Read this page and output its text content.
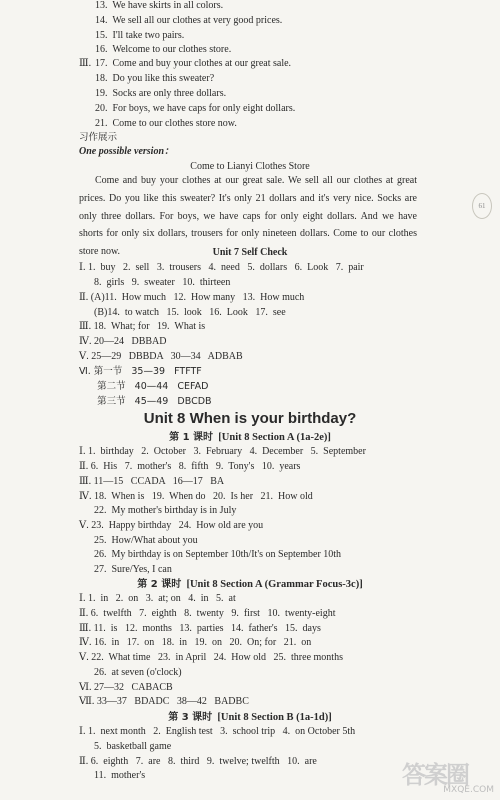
13.  We have skirts in all colors.
14.  We sell all our clothes at very good prices.
15.  I'll take two pairs.
16.  Welcome to our clothes store.
Ⅲ. 17.  Come and buy your clothes at our great sale.
18.  Do you like this sweater?
19.  Socks are only three dollars.
20.  For boys, we have caps for only eight dollars.
21.  Come to our clothes store now.
习作展示
One possible version：
Come to Lianyi Clothes Store
Come and buy your clothes at our great sale. We sell all our clothes at great prices. Do you like this sweater? It's only 21 dollars and it's very nice. Socks are only three dollars. For boys, we have caps for only eight dollars. And we have shorts for only six dollars, trousers for only nineteen dollars. Come to our clothes store now.
61
Unit 7 Self Check
Ⅰ. 1.  buy   2.  sell   3.  trousers   4.  need   5.  dollars   6.  Look   7.  pair
8.  girls   9.  sweater   10.  thirteen
Ⅱ. (A)11.  How much   12.  How many   13.  How much
(B)14.  to watch   15.  look   16.  Look   17.  see
Ⅲ. 18.  What; for   19.  What is
Ⅳ. 20—24   DBBAD
Ⅴ. 25—29   DBBDA   30—34   ADBAB
Ⅵ. 第一节   35—39   FTFTF
第二节   40—44   CEFAD
第三节   45—49   DBCDB
Unit 8 When is your birthday?
第 1 课时 [Unit 8 Section A (1a-2e)]
Ⅰ. 1.  birthday   2.  October   3.  February   4.  December   5.  September
Ⅱ. 6.  His   7.  mother's   8.  fifth   9.  Tony's   10.  years
Ⅲ. 11—15   CCADA   16—17   BA
Ⅳ. 18.  When is   19.  When do   20.  Is her   21.  How old
22.  My mother's birthday is in July
Ⅴ. 23.  Happy birthday   24.  How old are you
25.  How/What about you
26.  My birthday is on September 10th/It's on September 10th
27.  Sure/Yes, I can
第 2 课时 [Unit 8 Section A (Grammar Focus-3c)]
Ⅰ. 1.  in   2.  on   3.  at; on   4.  in   5.  at
Ⅱ. 6.  twelfth   7.  eighth   8.  twenty   9.  first   10.  twenty-eight
Ⅲ. 11.  is   12.  months   13.  parties   14.  father's   15.  days
Ⅳ. 16.  in   17.  on   18.  in   19.  on   20.  On; for   21.  on
Ⅴ. 22.  What time   23.  in April   24.  How old   25.  three months
26.  at seven (o'clock)
Ⅵ. 27—32   CABACB
Ⅶ. 33—37   BDADC   38—42   BADBC
第 3 课时 [Unit 8 Section B (1a-1d)]
Ⅰ. 1.  next month   2.  English test   3.  school trip   4.  on October 5th
5.  basketball game
Ⅱ. 6.  eighth   7.  are   8.  third   9.  twelve; twelfth   10.  are
11.  mother's	答案圈
MXQE.COM
